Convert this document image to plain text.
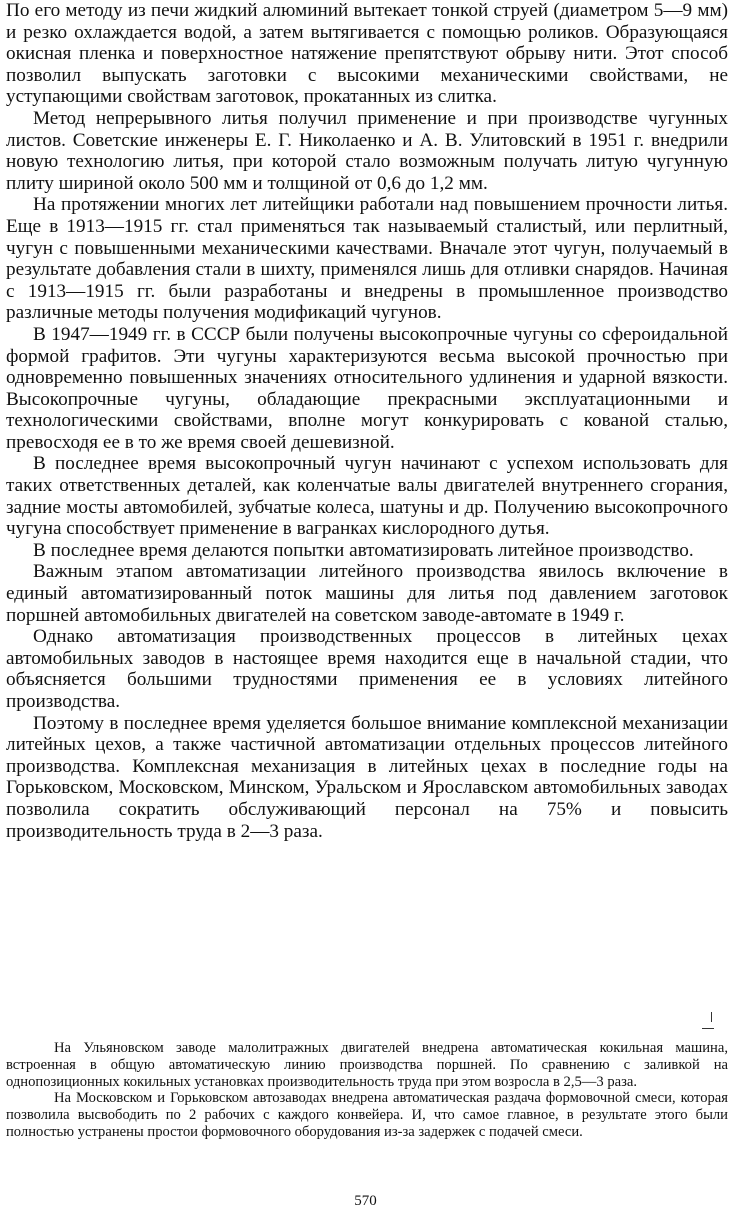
По его методу из печи жидкий алюминий вытекает тонкой струей (диаметром 5—9 мм) и резко охлаждается водой, а затем вытягивается с помощью роликов. Образующаяся окисная пленка и поверхностное натяжение препятствуют обрыву нити. Этот способ позволил выпускать заготовки с высокими механическими свойствами, не уступающими свойствам заготовок, прокатанных из слитка.

Метод непрерывного литья получил применение и при производстве чугунных листов. Советские инженеры Е. Г. Николаенко и А. В. Улитовский в 1951 г. внедрили новую технологию литья, при которой стало возможным получать литую чугунную плиту шириной около 500 мм и толщиной от 0,6 до 1,2 мм.

На протяжении многих лет литейщики работали над повышением прочности литья. Еще в 1913—1915 гг. стал применяться так называемый сталистый, или перлитный, чугун с повышенными механическими качествами. Вначале этот чугун, получаемый в результате добавления стали в шихту, применялся лишь для отливки снарядов. Начиная с 1913—1915 гг. были разработаны и внедрены в промышленное производство различные методы получения модификаций чугунов.

В 1947—1949 гг. в СССР были получены высокопрочные чугуны со сфероидальной формой графитов. Эти чугуны характеризуются весьма высокой прочностью при одновременно повышенных значениях относительного удлинения и ударной вязкости. Высокопрочные чугуны, обладающие прекрасными эксплуатационными и технологическими свойствами, вполне могут конкурировать с кованой сталью, превосходя ее в то же время своей дешевизной.

В последнее время высокопрочный чугун начинают с успехом использовать для таких ответственных деталей, как коленчатые валы двигателей внутреннего сгорания, задние мосты автомобилей, зубчатые колеса, шатуны и др. Получению высокопрочного чугуна способствует применение в вагранках кислородного дутья.

В последнее время делаются попытки автоматизировать литейное производство.

Важным этапом автоматизации литейного производства явилось включение в единый автоматизированный поток машины для литья под давлением заготовок поршней автомобильных двигателей на советском заводе-автомате в 1949 г.

Однако автоматизация производственных процессов в литейных цехах автомобильных заводов в настоящее время находится еще в начальной стадии, что объясняется большими трудностями применения ее в условиях литейного производства.

Поэтому в последнее время уделяется большое внимание комплексной механизации литейных цехов, а также частичной автоматизации отдельных процессов литейного производства. Комплексная механизация в литейных цехах в последние годы на Горьковском, Московском, Минском, Уральском и Ярославском автомобильных заводах позволила сократить обслуживающий персонал на 75% и повысить производительность труда в 2—3 раза.

На Ульяновском заводе малолитражных двигателей внедрена автоматическая кокильная машина, встроенная в общую автоматическую линию производства поршней. По сравнению с заливкой на однопозиционных кокильных установках производительность труда при этом возросла в 2,5—3 раза.

На Московском и Горьковском автозаводах внедрена автоматическая раздача формовочной смеси, которая позволила высвободить по 2 рабочих с каждого конвейера. И, что самое главное, в результате этого были полностью устранены простои формовочного оборудования из-за задержек с подачей смеси.

570
